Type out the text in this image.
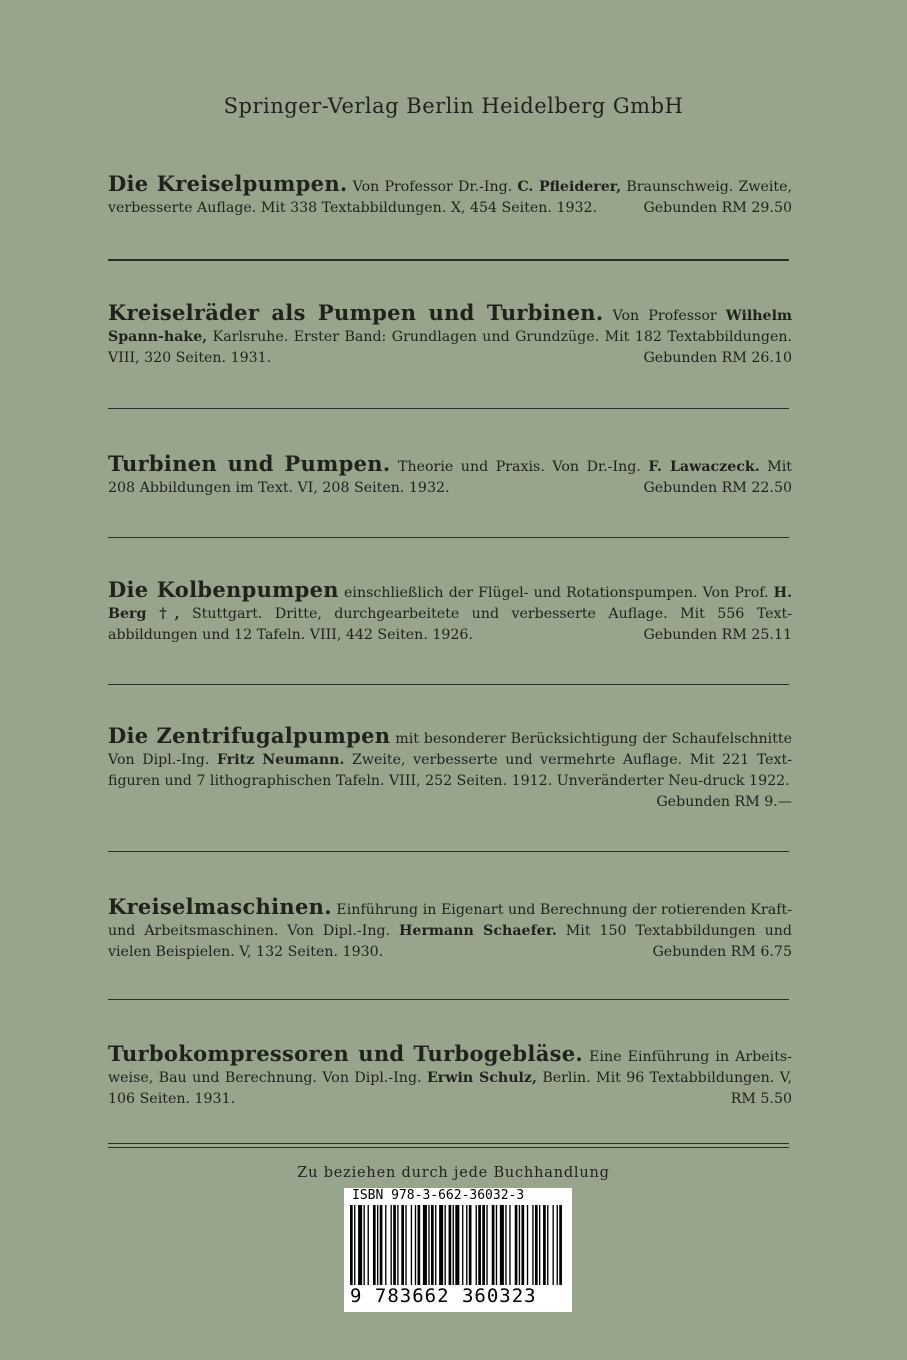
Springer-Verlag Berlin Heidelberg GmbH
Die Kreiselpumpen. Von Professor Dr.-Ing. C. Pfleiderer, Braunschweig. Zweite, verbesserte Auflage. Mit 338 Textabbildungen. X, 454 Seiten. 1932.	Gebunden RM 29.50
Kreiselräder als Pumpen und Turbinen. Von Professor Wilhelm Spann-hake, Karlsruhe. Erster Band: Grundlagen und Grundzüge. Mit 182 Textabbildungen. VIII, 320 Seiten. 1931.	Gebunden RM 26.10
Turbinen und Pumpen. Theorie und Praxis. Von Dr.-Ing. F. Lawaczeck. Mit 208 Abbildungen im Text. VI, 208 Seiten. 1932.	Gebunden RM 22.50
Die Kolbenpumpen einschließlich der Flügel- und Rotationspumpen. Von Prof. H. Berg †, Stuttgart. Dritte, durchgearbeitete und verbesserte Auflage. Mit 556 Text-abbildungen und 12 Tafeln. VIII, 442 Seiten. 1926.	Gebunden RM 25.11
Die Zentrifugalpumpen mit besonderer Berücksichtigung der Schaufelschnitte Von Dipl.-Ing. Fritz Neumann. Zweite, verbesserte und vermehrte Auflage. Mit 221 Text-figuren und 7 lithographischen Tafeln. VIII, 252 Seiten. 1912. Unveränderter Neu-druck 1922.
Gebunden RM 9.—
Kreiselmaschinen. Einführung in Eigenart und Berechnung der rotierenden Kraft- und Arbeitsmaschinen. Von Dipl.-Ing. Hermann Schaefer. Mit 150 Textabbildungen und vielen Beispielen. V, 132 Seiten. 1930.	Gebunden RM 6.75
Turbokompressoren und Turbogebläse. Eine Einführung in Arbeits-weise, Bau und Berechnung. Von Dipl.-Ing. Erwin Schulz, Berlin. Mit 96 Textabbildungen. V, 106 Seiten. 1931.	RM 5.50
Zu beziehen durch jede Buchhandlung
ISBN 978-3-662-36032-3
9 783662 360323
